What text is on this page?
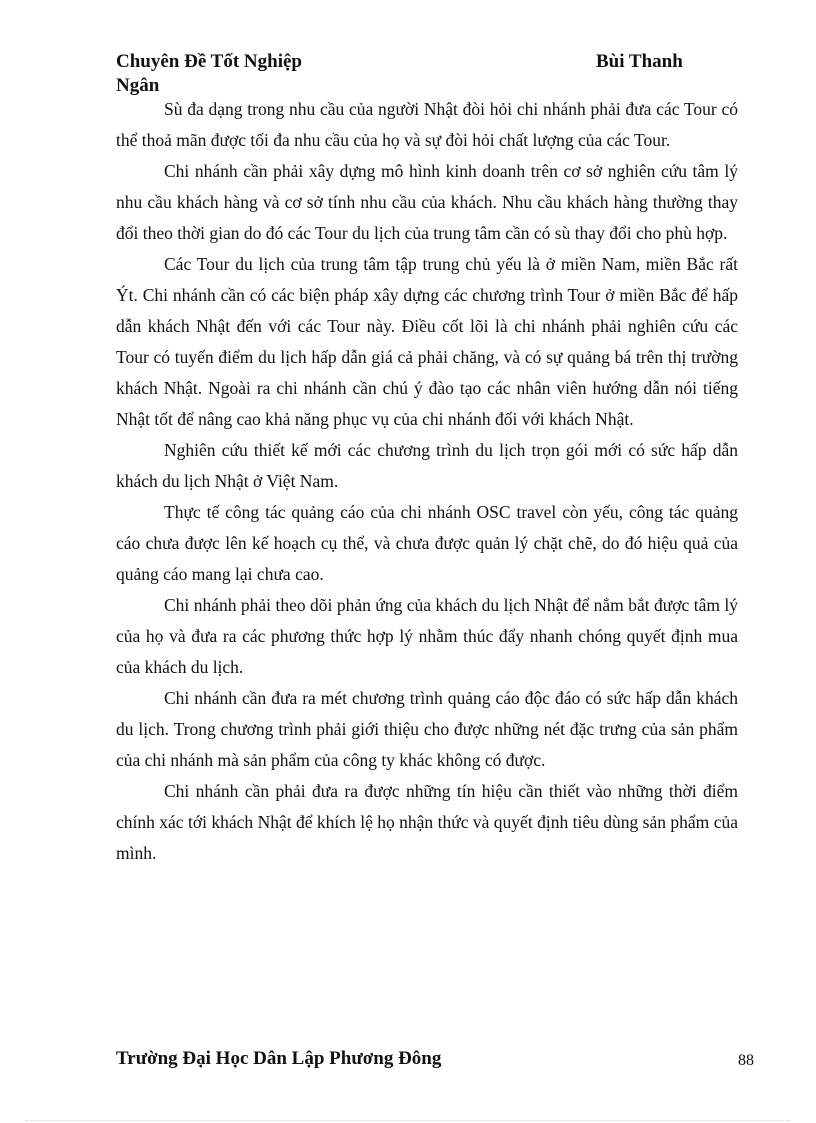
Chuyên Đề Tốt Nghiệp	Bùi Thanh
Ngân

Sù đa dạng trong nhu cầu của người Nhật đòi hỏi chi nhánh phải đưa các Tour có thể thoả mãn được tối đa nhu cầu của họ và sự đòi hỏi chất lượng của các Tour.

Chi nhánh cần phải xây dựng mô hình kinh doanh trên cơ sở nghiên cứu tâm lý nhu cầu khách hàng và cơ sở tính nhu cầu của khách. Nhu cầu khách hàng thường thay đổi theo thời gian do đó các Tour du lịch của trung tâm cần có sù thay đổi cho phù hợp.

Các Tour du lịch của trung tâm tập trung chủ yếu là ở miền Nam, miền Bắc rất Ýt. Chi nhánh cần có các biện pháp xây dựng các chương trình Tour ở miền Bắc để hấp dẫn khách Nhật đến với các Tour này. Điều cốt lõi là chi nhánh phải nghiên cứu các Tour có tuyến điểm du lịch hấp dẫn giá cả phải chăng, và có sự quảng bá trên thị trường khách Nhật. Ngoài ra chi nhánh cần chú ý đào tạo các nhân viên hướng dẫn nói tiếng Nhật tốt để nâng cao khả năng phục vụ của chi nhánh đối với khách Nhật.

Nghiên cứu thiết kế mới các chương trình du lịch trọn gói mới có sức hấp dẫn khách du lịch Nhật ở Việt Nam.

Thực tế công tác quảng cáo của chi nhánh OSC travel còn yếu, công tác quảng cáo chưa được lên kế hoạch cụ thể, và chưa được quản lý chặt chẽ, do đó hiệu quả của quảng cáo mang lại chưa cao.

Chi nhánh phải theo dõi phản ứng của khách du lịch Nhật để nắm bắt được tâm lý của họ và đưa ra các phương thức hợp lý nhằm thúc đẩy nhanh chóng quyết định mua của khách du lịch.

Chi nhánh cần đưa ra mét chương trình quảng cáo độc đáo có sức hấp dẫn khách du lịch. Trong chương trình phải giới thiệu cho được những nét đặc trưng của sản phẩm của chi nhánh mà sản phẩm của công ty khác không có được.

Chi nhánh cần phải đưa ra được những tín hiệu cần thiết vào những thời điểm chính xác tới khách Nhật để khích lệ họ nhận thức và quyết định tiêu dùng sản phẩm của mình.

Trường Đại Học Dân Lập Phương Đông	88
